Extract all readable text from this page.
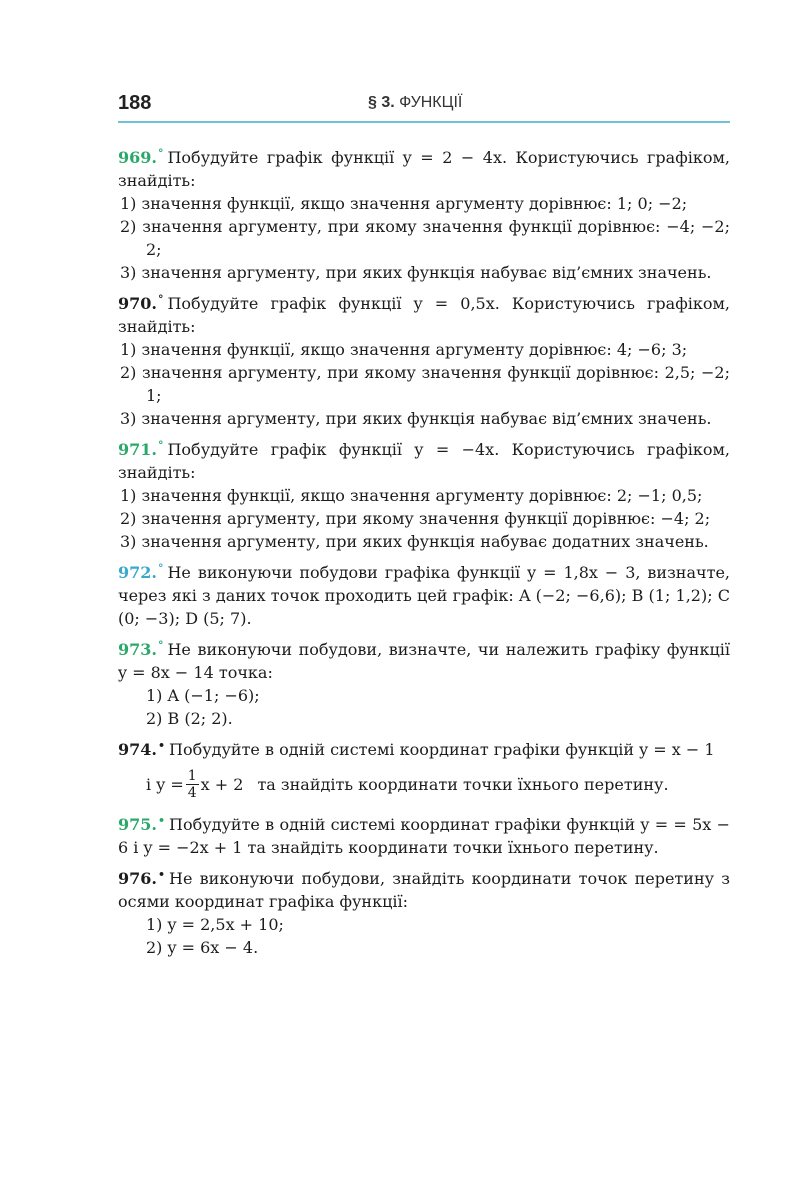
188	§ 3. ФУНКЦІЇ
969.° Побудуйте графік функції y = 2 − 4x. Користуючись графіком, знайдіть:
1) значення функції, якщо значення аргументу дорівнює: 1; 0; −2;
2) значення аргументу, при якому значення функції дорівнює: −4; −2; 2;
3) значення аргументу, при яких функція набуває від’ємних значень.
970.° Побудуйте графік функції y = 0,5x. Користуючись графіком, знайдіть:
1) значення функції, якщо значення аргументу дорівнює: 4; −6; 3;
2) значення аргументу, при якому значення функції дорівнює: 2,5; −2; 1;
3) значення аргументу, при яких функція набуває від’ємних значень.
971.° Побудуйте графік функції y = −4x. Користуючись графіком, знайдіть:
1) значення функції, якщо значення аргументу дорівнює: 2; −1; 0,5;
2) значення аргументу, при якому значення функції дорівнює: −4; 2;
3) значення аргументу, при яких функція набуває додатних значень.
972.° Не виконуючи побудови графіка функції y = 1,8x − 3, визначте, через які з даних точок проходить цей графік: A (−2; −6,6); B (1; 1,2); C (0; −3); D (5; 7).
973.° Не виконуючи побудови, визначте, чи належить графіку функції y = 8x − 14 точка:
1) A (−1; −6);
2) B (2; 2).
974.• Побудуйте в одній системі координат графіки функцій y = x − 1
і $y = \frac{1}{4}$ x + 2 та знайдіть координати точки їхнього перетину.
975.• Побудуйте в одній системі координат графіки функцій y = = 5x − 6 і y = −2x + 1 та знайдіть координати точки їхнього перетину.
976.• Не виконуючи побудови, знайдіть координати точок перетину з осями координат графіка функції:
1) y = 2,5x + 10;
2) y = 6x − 4.
